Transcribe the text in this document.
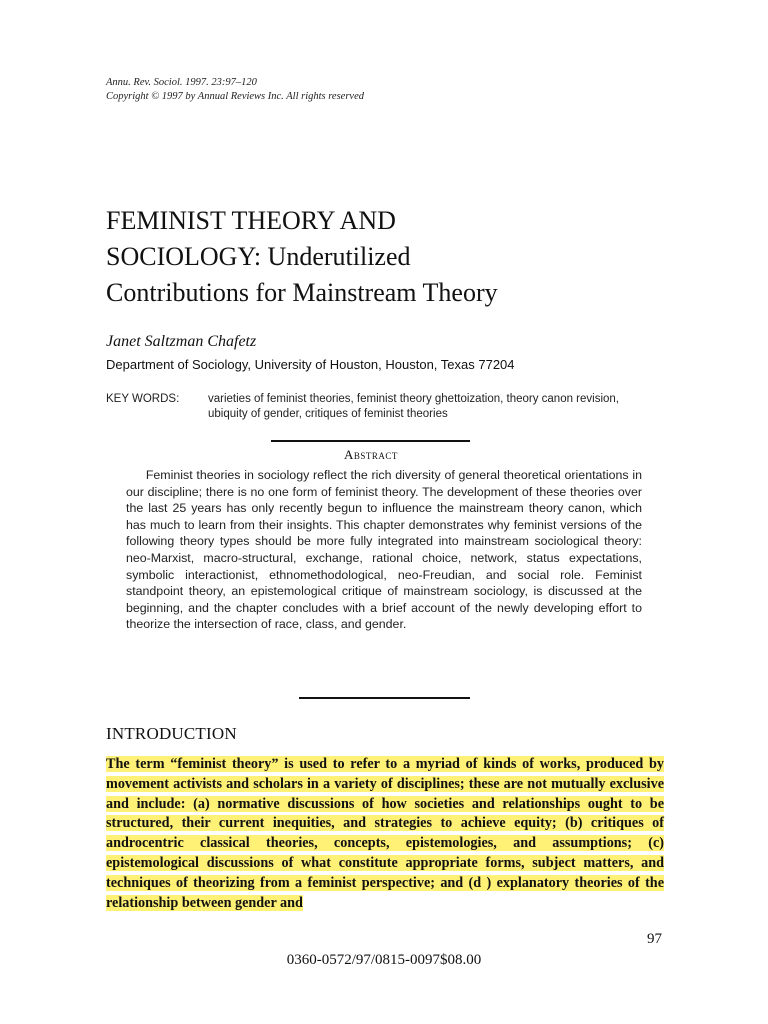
Annu. Rev. Sociol. 1997. 23:97–120
Copyright © 1997 by Annual Reviews Inc. All rights reserved
FEMINIST THEORY AND
SOCIOLOGY: Underutilized
Contributions for Mainstream Theory
Janet Saltzman Chafetz
Department of Sociology, University of Houston, Houston, Texas 77204
KEY WORDS: varieties of feminist theories, feminist theory ghettoization, theory canon revision, ubiquity of gender, critiques of feminist theories
Abstract
Feminist theories in sociology reflect the rich diversity of general theoretical orientations in our discipline; there is no one form of feminist theory. The development of these theories over the last 25 years has only recently begun to influence the mainstream theory canon, which has much to learn from their insights. This chapter demonstrates why feminist versions of the following theory types should be more fully integrated into mainstream sociological theory: neo-Marxist, macro-structural, exchange, rational choice, network, status expectations, symbolic interactionist, ethnomethodological, neo-Freudian, and social role. Feminist standpoint theory, an epistemological critique of mainstream sociology, is discussed at the beginning, and the chapter concludes with a brief account of the newly developing effort to theorize the intersection of race, class, and gender.
INTRODUCTION
The term “feminist theory” is used to refer to a myriad of kinds of works, produced by movement activists and scholars in a variety of disciplines; these are not mutually exclusive and include: (a) normative discussions of how societies and relationships ought to be structured, their current inequities, and strategies to achieve equity; (b) critiques of androcentric classical theories, concepts, epistemologies, and assumptions; (c) epistemological discussions of what constitute appropriate forms, subject matters, and techniques of theorizing from a feminist perspective; and (d ) explanatory theories of the relationship between gender and
97
0360-0572/97/0815-0097$08.00
